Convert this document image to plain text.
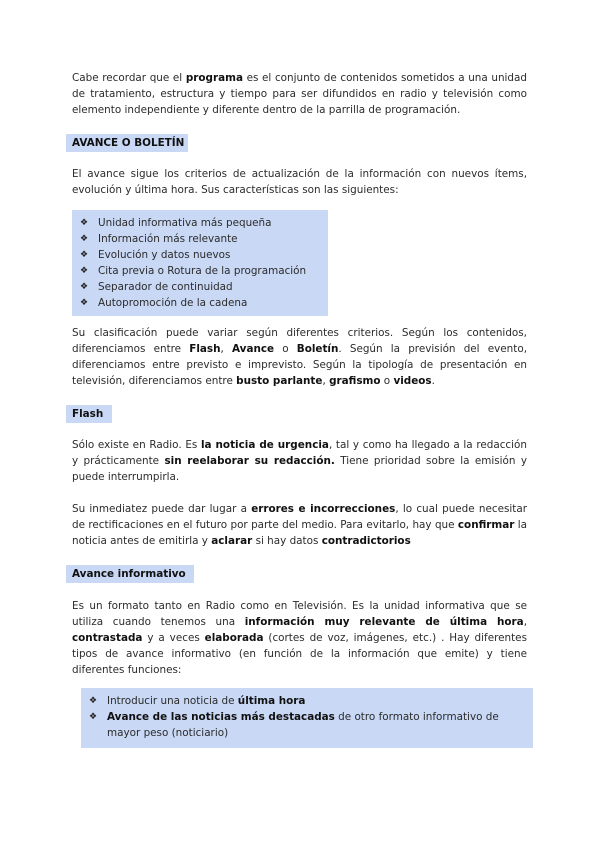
Cabe recordar que el programa es el conjunto de contenidos sometidos a una unidad de tratamiento, estructura y tiempo para ser difundidos en radio y televisión como elemento independiente y diferente dentro de la parrilla de programación.

AVANCE O BOLETÍN

El avance sigue los criterios de actualización de la información con nuevos ítems, evolución y última hora. Sus características son las siguientes:

❖ Unidad informativa más pequeña
❖ Información más relevante
❖ Evolución y datos nuevos
❖ Cita previa o Rotura de la programación
❖ Separador de continuidad
❖ Autopromoción de la cadena

Su clasificación puede variar según diferentes criterios. Según los contenidos, diferenciamos entre Flash, Avance o Boletín. Según la previsión del evento, diferenciamos entre previsto e imprevisto. Según la tipología de presentación en televisión, diferenciamos entre busto parlante, grafismo o videos.

Flash

Sólo existe en Radio. Es la noticia de urgencia, tal y como ha llegado a la redacción y prácticamente sin reelaborar su redacción. Tiene prioridad sobre la emisión y puede interrumpirla.

Su inmediatez puede dar lugar a errores e incorrecciones, lo cual puede necesitar de rectificaciones en el futuro por parte del medio. Para evitarlo, hay que confirmar la noticia antes de emitirla y aclarar si hay datos contradictorios

Avance informativo

Es un formato tanto en Radio como en Televisión. Es la unidad informativa que se utiliza cuando tenemos una información muy relevante de última hora, contrastada y a veces elaborada (cortes de voz, imágenes, etc.) . Hay diferentes tipos de avance informativo (en función de la información que emite) y tiene diferentes funciones:

❖ Introducir una noticia de última hora
❖ Avance de las noticias más destacadas de otro formato informativo de mayor peso (noticiario)
